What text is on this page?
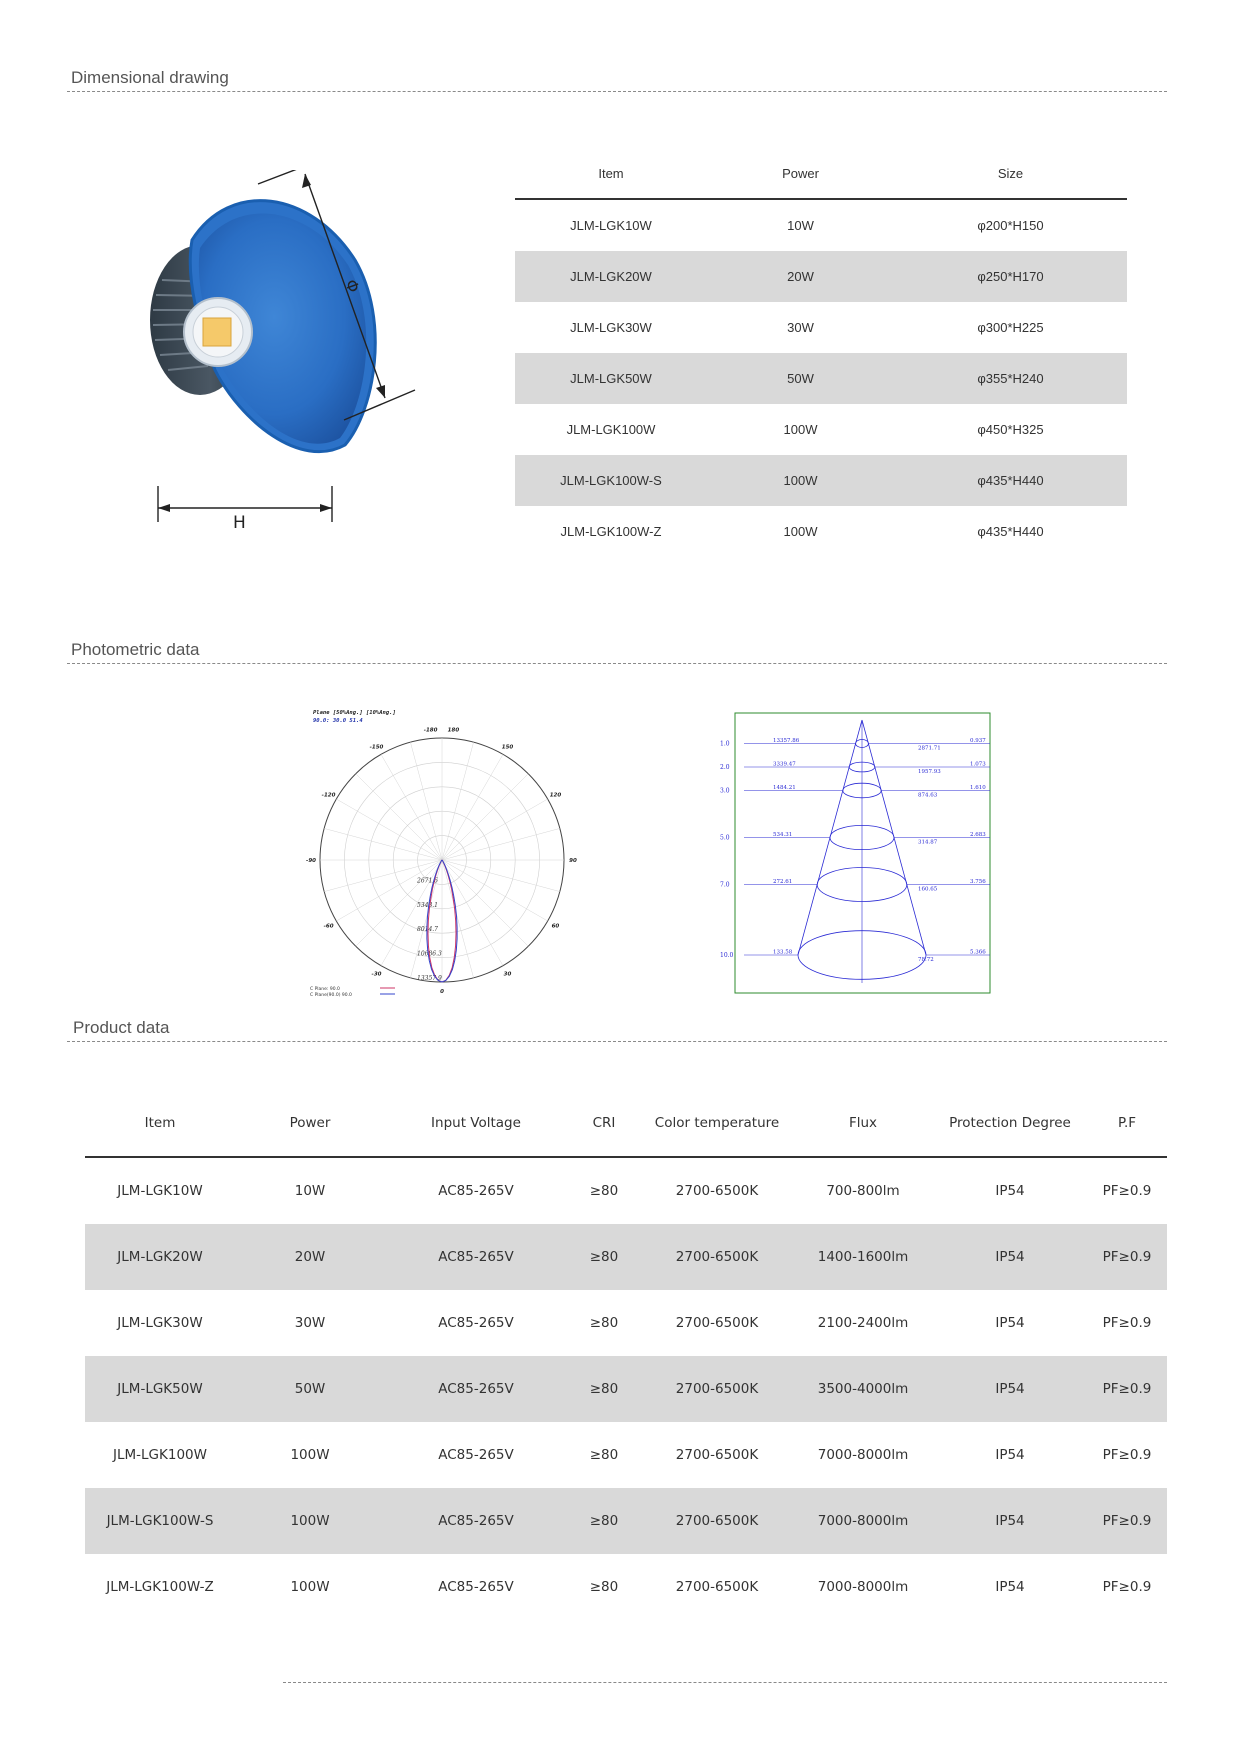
Dimensional drawing
Φ
H
Item	Power	Size
JLM-LGK10W	10W	φ200*H150
JLM-LGK20W	20W	φ250*H170
JLM-LGK30W	30W	φ300*H225
JLM-LGK50W	50W	φ355*H240
JLM-LGK100W	100W	φ450*H325
JLM-LGK100W-S	100W	φ435*H440
JLM-LGK100W-Z	100W	φ435*H440
Photometric data
Plane [50%Ang.] [10%Ang.]
90.0: 30.0 51.4
-180 180
-150	150
-120	120
-90	90
-60	60
-30	30
0
2671.6
5343.1
8014.7
10686.3
13357.9
C Plane: 90.0
C Plane(90.0) 90.0
1.0	13357.86
2871.71
0.937
2.0	3339.47
1957.93
1.073
3.0	1484.21
874.63
1.610
5.0	534.31
314.87
2.683
7.0	272.61
160.65
3.756
10.0	133.58
78.72
5.366
Product data
Item	Power	Input Voltage	CRI	Color temperature	Flux	Protection Degree	P.F
JLM-LGK10W	10W	AC85-265V	≥80	2700-6500K	700-800lm	IP54	PF≥0.9
JLM-LGK20W	20W	AC85-265V	≥80	2700-6500K	1400-1600lm	IP54	PF≥0.9
JLM-LGK30W	30W	AC85-265V	≥80	2700-6500K	2100-2400lm	IP54	PF≥0.9
JLM-LGK50W	50W	AC85-265V	≥80	2700-6500K	3500-4000lm	IP54	PF≥0.9
JLM-LGK100W	100W	AC85-265V	≥80	2700-6500K	7000-8000lm	IP54	PF≥0.9
JLM-LGK100W-S	100W	AC85-265V	≥80	2700-6500K	7000-8000lm	IP54	PF≥0.9
JLM-LGK100W-Z	100W	AC85-265V	≥80	2700-6500K	7000-8000lm	IP54	PF≥0.9
